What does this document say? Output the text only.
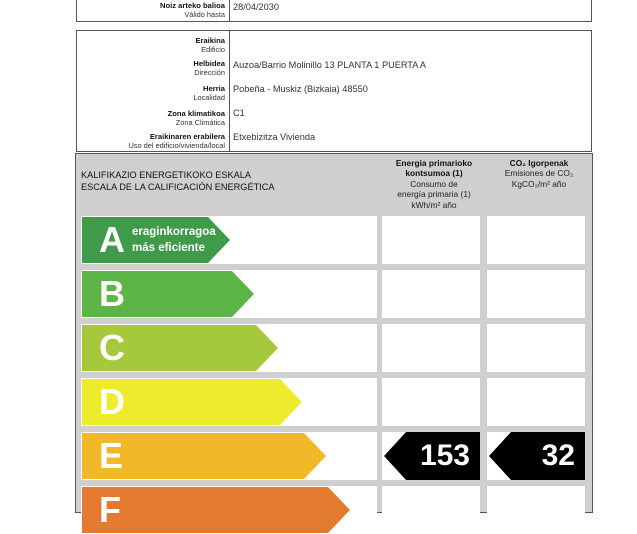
Noiz arteko balioa
Válido hasta
28/04/2030
Eraikina
Edificio
Helbidea
Dirección
Auzoa/Barrio Molinillo 13 PLANTA 1 PUERTA A
Herria
Localidad
Pobeña - Muskiz (Bizkaia) 48550
Zona klimatikoa
Zona Climática
C1
Eraikinaren erabilera
Uso del edificio/vivienda/local
Etxebizitza Vivienda
KALIFIKAZIO ENERGETIKOKO ESKALA
ESCALA DE LA CALIFICACIÓN ENERGÉTICA
Energia primarioko
kontsumoa (1)
Consumo de
energía primaria (1)
kWh/m² año
CO₂ Igorpenak
Emisiones de CO₂
KgCO₂/m² año
A eraginkorragoa
más eficiente
B
C
D
E	153 32
F
